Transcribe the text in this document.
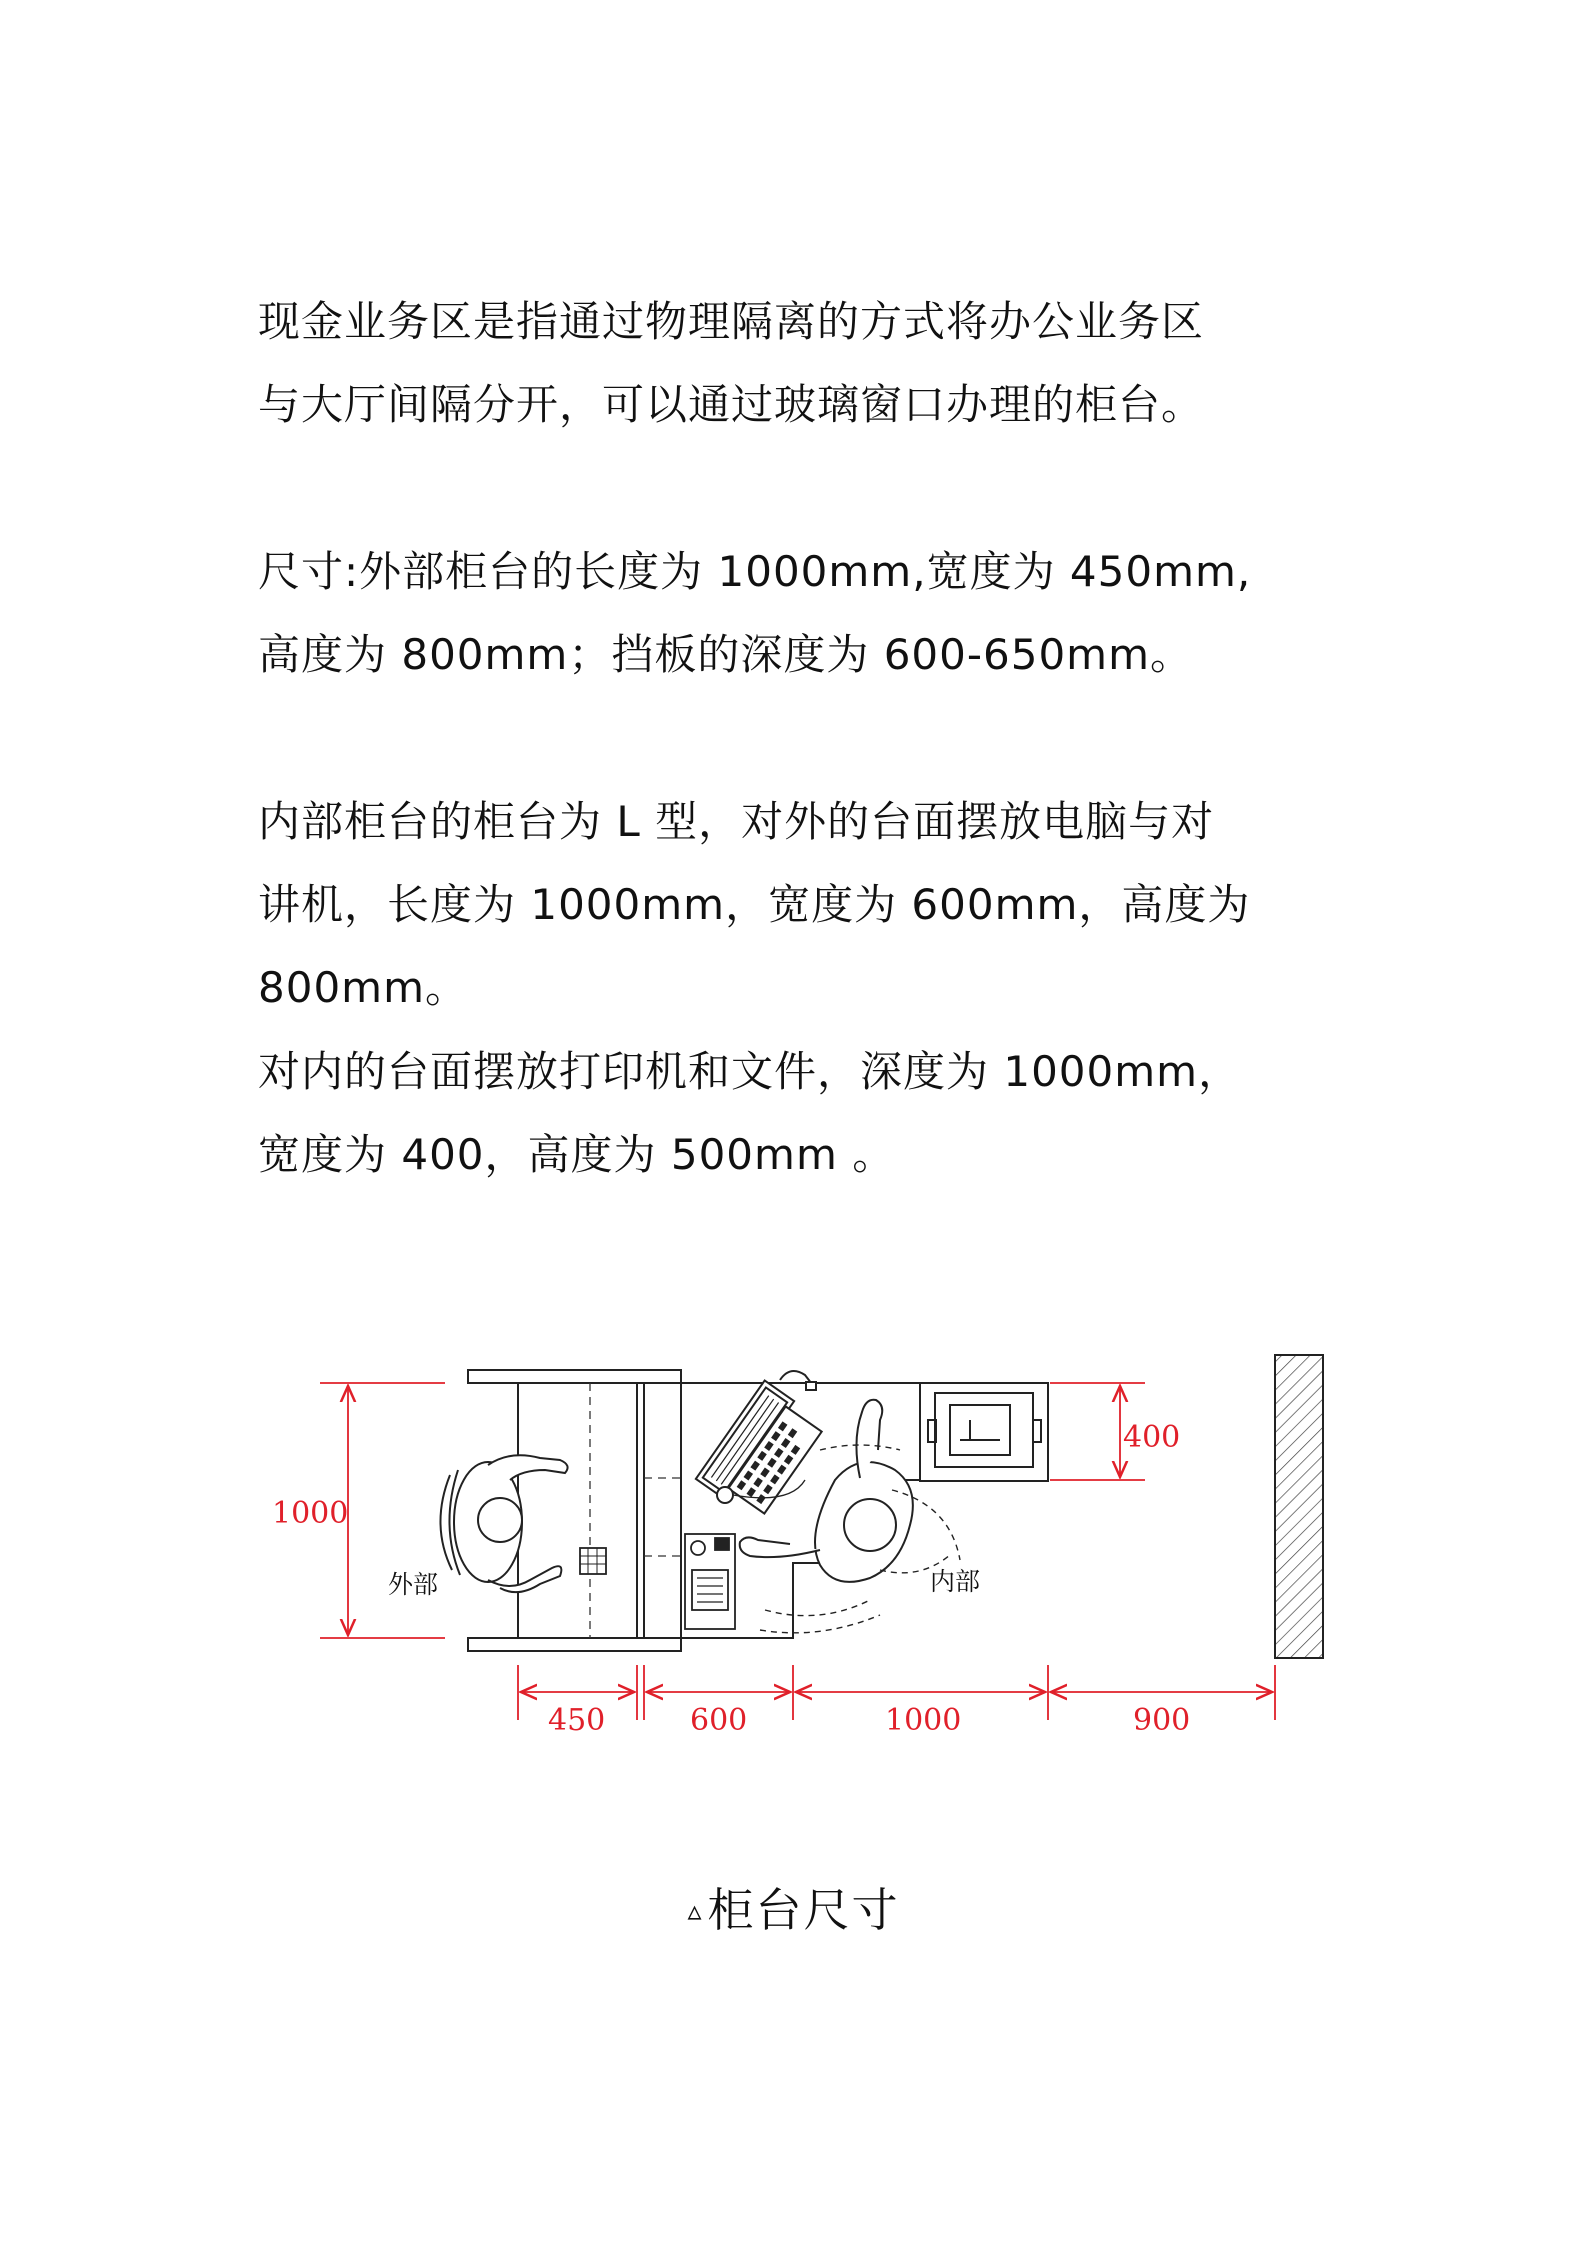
现金业务区是指通过物理隔离的方式将办公业务区

与大厅间隔分开，可以通过玻璃窗口办理的柜台。

尺寸:外部柜台的长度为 1000mm,宽度为 450mm,

高度为 800mm；挡板的深度为 600-650mm。

内部柜台的柜台为 L 型，对外的台面摆放电脑与对

讲机，长度为 1000mm，宽度为 600mm，高度为

800mm。

对内的台面摆放打印机和文件，深度为 1000mm，

宽度为 400，高度为 500mm 。

外部	内部
1000
400
450	600	1000	900
▵柜台尺寸
